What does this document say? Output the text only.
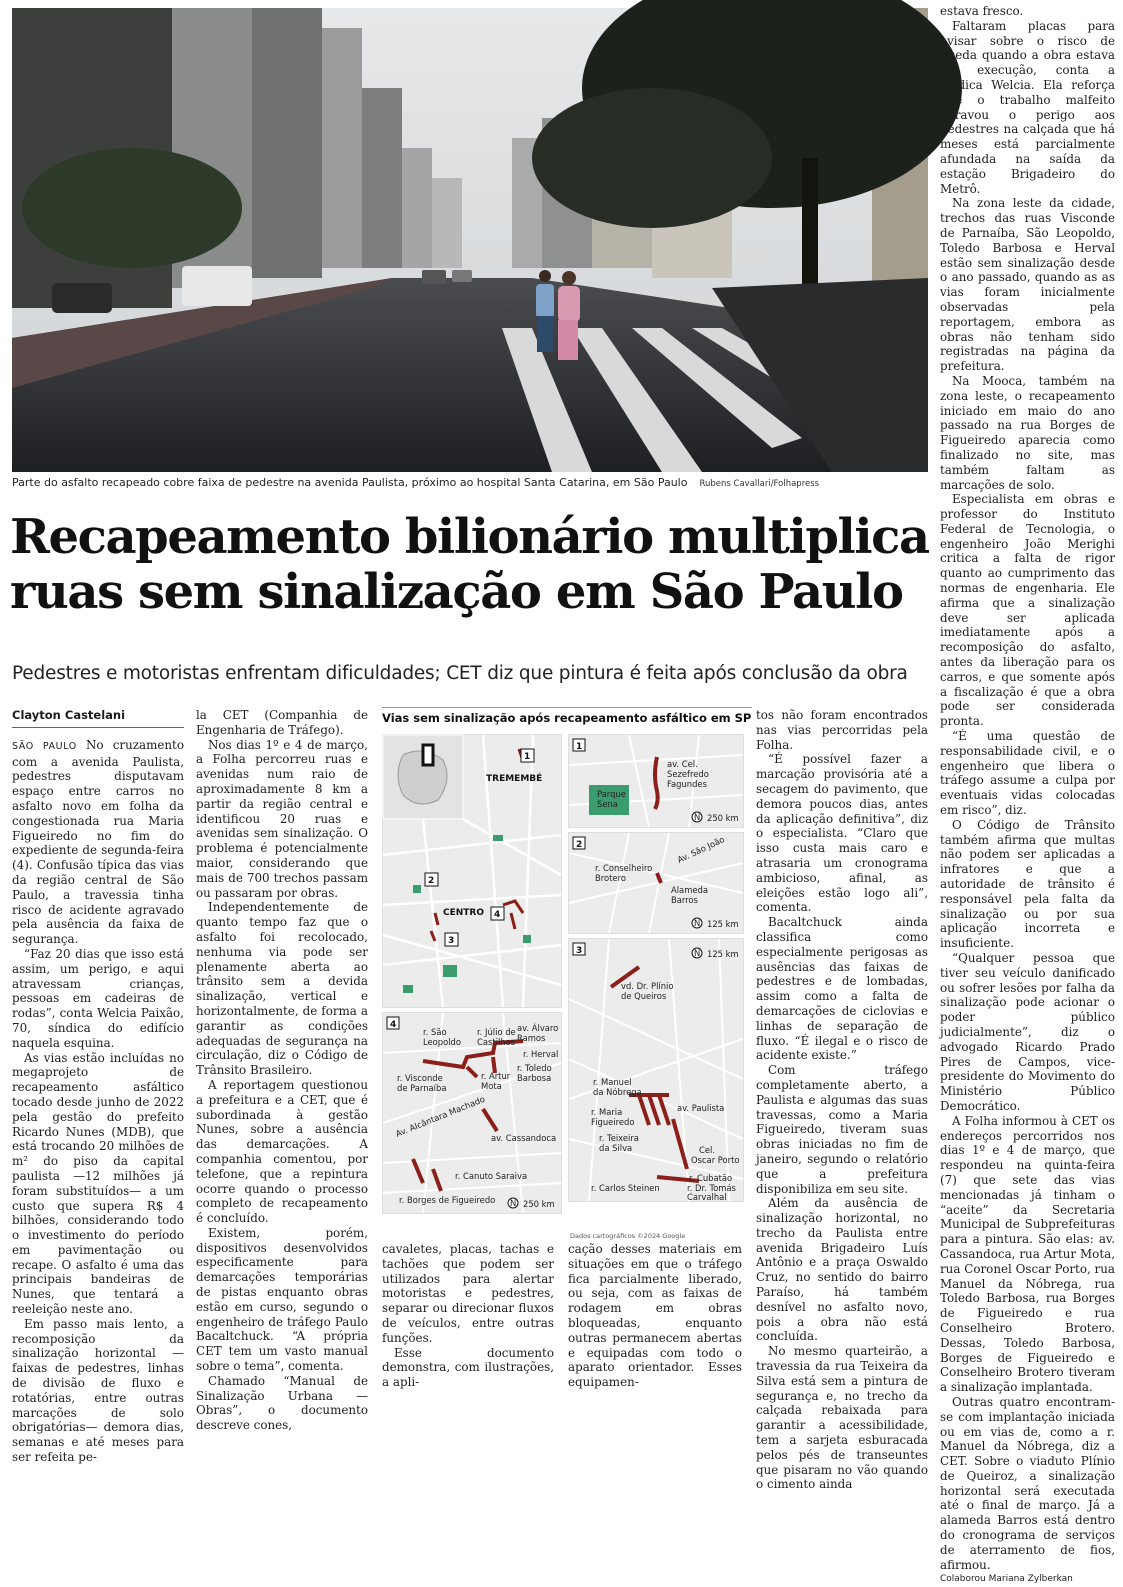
Parte do asfalto recapeado cobre faixa de pedestre na avenida Paulista, próximo ao hospital Santa Catarina, em São Paulo Rubens Cavallari/Folhapress
Recapeamento bilionário multiplica
ruas sem sinalização em São Paulo
Pedestres e motoristas enfrentam dificuldades; CET diz que pintura é feita após conclusão da obra
Clayton Castelani

SÃO PAULO No cruzamento com a avenida Paulista, pedestres disputavam espaço entre carros no asfalto novo em folha da congestionada rua Maria Figueiredo no fim do expediente de segunda-feira (4). Confusão típica das vias da região central de São Paulo, a travessia tinha risco de acidente agravado pela ausência da faixa de segurança.

“Faz 20 dias que isso está assim, um perigo, e aqui atravessam crianças, pessoas em cadeiras de rodas”, conta Welcia Paixão, 70, síndica do edifício naquela esquina.

As vias estão incluídas no megaprojeto de recapeamento asfáltico tocado desde junho de 2022 pela gestão do prefeito Ricardo Nunes (MDB), que está trocando 20 milhões de m² do piso da capital paulista —12 milhões já foram substituídos— a um custo que supera R$ 4 bilhões, considerando todo o investimento do período em pavimentação ou recape. O asfalto é uma das principais bandeiras de Nunes, que tentará a reeleição neste ano.

Em passo mais lento, a recomposição da sinalização horizontal —faixas de pedestres, linhas de divisão de fluxo e rotatórias, entre outras marcações de solo obrigatórias— demora dias, semanas e até meses para ser refeita pe-

la CET (Companhia de Engenharia de Tráfego).

Nos dias 1º e 4 de março, a Folha percorreu ruas e avenidas num raio de aproximadamente 8 km a partir da região central e identificou 20 ruas e avenidas sem sinalização. O problema é potencialmente maior, considerando que mais de 700 trechos passam ou passaram por obras.

Independentemente de quanto tempo faz que o asfalto foi recolocado, nenhuma via pode ser plenamente aberta ao trânsito sem a devida sinalização, vertical e horizontalmente, de forma a garantir as condições adequadas de segurança na circulação, diz o Código de Trânsito Brasileiro.

A reportagem questionou a prefeitura e a CET, que é subordinada à gestão Nunes, sobre a ausência das demarcações. A companhia comentou, por telefone, que a repintura ocorre quando o processo completo de recapeamento é concluído.

Existem, porém, dispositivos desenvolvidos especificamente para demarcações temporárias de pistas enquanto obras estão em curso, segundo o engenheiro de tráfego Paulo Bacaltchuck. “A própria CET tem um vasto manual sobre o tema”, comenta.

Chamado “Manual de Sinalização Urbana — Obras”, o documento descreve cones,

Vias sem sinalização após recapeamento asfáltico em SP
1
TREMEMBÉ
2
CENTRO
3
4
1
av. Cel.
Sezefredo
Fagundes
Parque
Sena
N 250 km
2
r. Conselheiro
Brotero
Av. São João
Alameda
Barros
N 125 km
3	N 125 km
vd. Dr. Plínio
de Queiros
r. Manuel
da Nóbrega
r. Maria
Figueiredo
r. Teixeira
da Silva
av. Paulista
Cel.
Oscar Porto
r. Cubatão
r. Carlos Steinen	r. Dr. Tomás
Carvalhal
4
r. São
Leopoldo
r. Júlio de
Castilhos
av. Álvaro
Ramos
r. Herval
r. Visconde
de Parnaíba
r. Artur
Mota
r. Toledo
Barbosa
Av. Alcântara Machado av. Cassandoca
r. Canuto Saraiva
r. Borges de Figueiredo N 250 km
Dados cartográficos ©2024 Google

cavaletes, placas, tachas e tachões que podem ser utilizados para alertar motoristas e pedestres, separar ou direcionar fluxos de veículos, entre outras funções.

Esse documento demonstra, com ilustrações, a apli-

cação desses materiais em situações em que o tráfego fica parcialmente liberado, ou seja, com as faixas de rodagem em obras bloqueadas, enquanto outras permanecem abertas e equipadas com todo o aparato orientador. Esses equipamen-

tos não foram encontrados nas vias percorridas pela Folha.

“É possível fazer a marcação provisória até a secagem do pavimento, que demora poucos dias, antes da aplicação definitiva”, diz o especialista. “Claro que isso custa mais caro e atrasaria um cronograma ambicioso, afinal, as eleições estão logo ali”, comenta.

Bacaltchuck ainda classifica como especialmente perigosas as ausências das faixas de pedestres e de lombadas, assim como a falta de demarcações de ciclovias e linhas de separação de fluxo. “É ilegal e o risco de acidente existe.”

Com tráfego completamente aberto, a Paulista e algumas das suas travessas, como a Maria Figueiredo, tiveram suas obras iniciadas no fim de janeiro, segundo o relatório que a prefeitura disponibiliza em seu site.

Além da ausência de sinalização horizontal, no trecho da Paulista entre avenida Brigadeiro Luís Antônio e a praça Oswaldo Cruz, no sentido do bairro Paraíso, há também desnível no asfalto novo, pois a obra não está concluída.

No mesmo quarteirão, a travessia da rua Teixeira da Silva está sem a pintura de segurança e, no trecho da calçada rebaixada para garantir a acessibilidade, tem a sarjeta esburacada pelos pés de transeuntes que pisaram no vão quando o cimento ainda

estava fresco.

Faltaram placas para avisar sobre o risco de queda quando a obra estava em execução, conta a síndica Welcia. Ela reforça que o trabalho malfeito agravou o perigo aos pedestres na calçada que há meses está parcialmente afundada na saída da estação Brigadeiro do Metrô.

Na zona leste da cidade, trechos das ruas Visconde de Parnaíba, São Leopoldo, Toledo Barbosa e Herval estão sem sinalização desde o ano passado, quando as as vias foram inicialmente observadas pela reportagem, embora as obras não tenham sido registradas na página da prefeitura.

Na Mooca, também na zona leste, o recapeamento iniciado em maio do ano passado na rua Borges de Figueiredo aparecia como finalizado no site, mas também faltam as marcações de solo.

Especialista em obras e professor do Instituto Federal de Tecnologia, o engenheiro João Merighi critica a falta de rigor quanto ao cumprimento das normas de engenharia. Ele afirma que a sinalização deve ser aplicada imediatamente após a recomposição do asfalto, antes da liberação para os carros, e que somente após a fiscalização é que a obra pode ser considerada pronta.

“É uma questão de responsabilidade civil, e o engenheiro que libera o tráfego assume a culpa por eventuais vidas colocadas em risco”, diz.

O Código de Trânsito também afirma que multas não podem ser aplicadas a infratores e que a autoridade de trânsito é responsável pela falta da sinalização ou por sua aplicação incorreta e insuficiente.

“Qualquer pessoa que tiver seu veículo danificado ou sofrer lesões por falha da sinalização pode acionar o poder público judicialmente”, diz o advogado Ricardo Prado Pires de Campos, vice-presidente do Movimento do Ministério Público Democrático.

A Folha informou à CET os endereços percorridos nos dias 1º e 4 de março, que respondeu na quinta-feira (7) que sete das vias mencionadas já tinham o “aceite” da Secretaria Municipal de Subprefeituras para a pintura. São elas: av. Cassandoca, rua Artur Mota, rua Coronel Oscar Porto, rua Manuel da Nóbrega, rua Toledo Barbosa, rua Borges de Figueiredo e rua Conselheiro Brotero. Dessas, Toledo Barbosa, Borges de Figueiredo e Conselheiro Brotero tiveram a sinalização implantada.

Outras quatro encontram-se com implantação iniciada ou em vias de, como a r. Manuel da Nóbrega, diz a CET. Sobre o viaduto Plínio de Queiroz, a sinalização horizontal será executada até o final de março. Já a alameda Barros está dentro do cronograma de serviços de aterramento de fios, afirmou.

Colaborou Mariana Zylberkan
